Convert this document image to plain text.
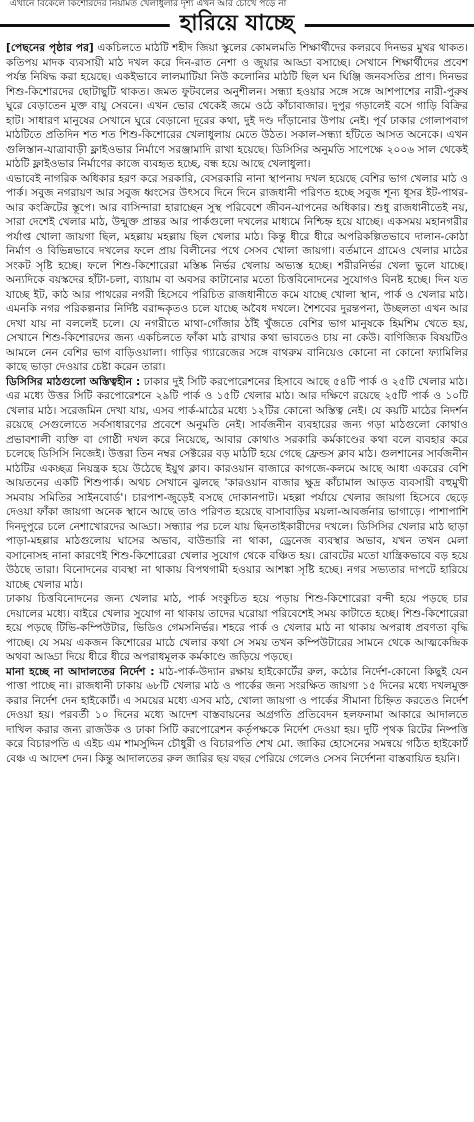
এখানে বিকেলে কিশোরদের নিয়মিত খেলাধুলার দৃশ্য এখন আর চোখে পড়ে না
হারিয়ে যাচ্ছে

[পেছনের পৃষ্ঠার পর] একচিলতে মাঠটি শহীদ জিয়া স্কুলের কোমলমতি শিক্ষার্থীদের কলরবে দিনভর মুখর থাকত। কতিপয় মাদক ব্যবসায়ী মাঠ দখল করে দিন-রাত নেশা ও জুয়ার আড্ডা বসাচ্ছে। সেখানে শিক্ষার্থীদের প্রবেশ পর্যন্ত নিষিদ্ধ করা হয়েছে। একইভাবে লালমাটিয়া নিউ কলোনির মাঠটি ছিল ঘন ঘিঞ্জি জনবসতির প্রাণ। দিনভর শিশু-কিশোরদের ছোটাছুটি থাকত। জমত ফুটবলের অনুশীলন। সন্ধ্যা হওয়ার সঙ্গে সঙ্গে আশপাশের নারী-পুরুষ ঘুরে বেড়াতেন মুক্ত বায়ু সেবনে। এখন ভোর থেকেই জমে ওঠে কাঁচাবাজার। দুপুর গড়ালেই বসে গাড়ি বিক্রির হাট। সাধারণ মানুষের সেখানে ঘুরে বেড়ানো দূরের কথা, দুই দণ্ড দাঁড়ানোর উপায় নেই। পূর্ব ঢাকার গোলাপবাগ মাঠটিতে প্রতিদিন শত শত শিশু-কিশোরের খেলাধুলায় মেতে উঠত। সকাল-সন্ধ্যা হাঁটতে আসত অনেকে। এখন গুলিস্তান-যাত্রাবাড়ী ফ্লাইওভার নির্মাণে সরঞ্জামাদি রাখা হয়েছে। ডিসিসির অনুমতি সাপেক্ষে ২০০৬ সাল থেকেই মাঠটি ফ্লাইওভার নির্মাণের কাজে ব্যবহৃত হচ্ছে, বন্ধ হয়ে আছে খেলাধুলা।

এভাবেই নাগরিক অধিকার হরণ করে সরকারি, বেসরকারি নানা স্থাপনায় দখল হয়েছে বেশির ভাগ খেলার মাঠ ও পার্ক। সবুজ নগরায়ণ আর সবুজ ধ্বংসের উৎসবে দিনে দিনে রাজধানী পরিণত হচ্ছে সবুজ শূন্য ধূসর ইট-পাথর-আর কংক্রিটের স্তূপে। আর বাসিন্দারা হারাচ্ছেন সুস্থ পরিবেশে জীবন-যাপনের অধিকার। শুধু রাজধানীতেই নয়, সারা দেশেই খেলার মাঠ, উন্মুক্ত প্রান্তর আর পার্কগুলো দখলের মাধ্যমে নিশ্চিহ্ন হয়ে যাচ্ছে। একসময় মহানগরীর পর্যাপ্ত খোলা জায়গা ছিল, মহল্লায় মহল্লায় ছিল খেলার মাঠ। কিন্তু ধীরে ধীরে অপরিকল্পিতভাবে দালান-কোঠা নির্মাণ ও বিভিন্নভাবে দখলের ফলে প্রায় বিলীনের পথে সেসব খোলা জায়গা। বর্তমানে গ্রামেও খেলার মাঠের সংকট সৃষ্টি হচ্ছে। ফলে শিশু-কিশোরেরা মস্তিষ্ক নির্ভর খেলায় অভ্যস্ত হচ্ছে। শরীরনির্ভর খেলা ভুলে যাচ্ছে। অন্যদিকে বয়স্কদের হাঁটা-চলা, ব্যায়াম বা অবসর কাটানোর মতো চিত্তবিনোদনের সুযোগও বিনষ্ট হচ্ছে। দিন যত যাচ্ছে ইট, কাঠ আর পাথরের নগরী হিসেবে পরিচিত রাজধানীতে কমে যাচ্ছে খোলা স্থান, পার্ক ও খেলার মাঠ। এমনকি নগর পরিকল্পনার নির্দিষ্ট বরাদ্দকৃতও চলে যাচ্ছে অবৈধ দখলে। শৈশবের দুরন্তপনা, উচ্ছলতা এখন আর দেখা যায় না বললেই চলে। যে নগরীতে মাথা-গোঁজার ঠাঁই খুঁজতে বেশির ভাগ মানুষকে হিমশিম খেতে হয়, সেখানে শিশু-কিশোরদের জন্য একচিলতে ফাঁকা মাঠ রাখার কথা ভাবতেও চায় না কেউ। বাণিজ্যিক বিষয়টিও আমলে নেন বেশির ভাগ বাড়িওয়ালা। গাড়ির গ্যারেজের সঙ্গে বাথরুম বানিয়েও কোনো না কোনো ফ্যামিলির কাছে ভাড়া দেওয়ার চেষ্টা করেন তারা।

ডিসিসির মাঠগুলো অস্তিত্বহীন : ঢাকার দুই সিটি করপোরেশনের হিসাবে আছে ৫৪টি পার্ক ও ২৫টি খেলার মাঠ। এর মধ্যে উত্তর সিটি করপোরেশনে ২৯টি পার্ক ও ১৫টি খেলার মাঠ। আর দক্ষিণে রয়েছে ২৫টি পার্ক ও ১০টি খেলার মাঠ। সরেজমিন দেখা যায়, এসব পার্ক-মাঠের মধ্যে ১২টির কোনো অস্তিত্ব নেই। যে কয়টি মাঠের নিদর্শন রয়েছে সেগুলোতে সর্বসাধারণের প্রবেশে অনুমতি নেই। সার্বজনীন ব্যবহারের জন্য গড়া মাঠগুলো কোথাও প্রভাবশালী ব্যক্তি বা গোষ্ঠী দখল করে নিয়েছে, আবার কোথাও সরকারি কর্মকাণ্ডের কথা বলে ব্যবহার করে চলেছে ডিসিসি নিজেই। উত্তরা তিন নম্বর সেক্টরের বড় মাঠটি হয়ে গেছে ফ্রেন্ডস ক্লাব মাঠ। গুলশানের সার্বজনীন মাঠটির একচ্ছত্র নিয়ন্ত্রক হয়ে উঠেছে ইয়ুথ ক্লাব। কারওয়ান বাজারে কাগজে-কলমে আছে আধা একরের বেশি আয়তনের একটি শিশুপার্ক। অথচ সেখানে ঝুলছে 'কারওয়ান বাজার ক্ষুদ্র কাঁচামাল আড়ত ব্যবসায়ী বহুমুখী সমবায় সমিতির সাইনবোর্ড'। চারপাশ-জুড়েই বসছে দোকানপাট। মহল্লা পর্যায়ে খেলার জায়গা হিসেবে ছেড়ে দেওয়া ফাঁকা জায়গা অনেক স্থানে আছে তাও পরিণত হয়েছে বাসাবাড়ির ময়লা-আবর্জনার ভাগাড়ে। পাশাপাশি দিনদুপুরে চলে নেশাখোরদের আড্ডা। সন্ধ্যার পর চলে যায় ছিনতাইকারীদের দখলে। ডিসিসির খেলার মাঠ ছাড়া পাড়া-মহল্লার মাঠগুলোয় ঘাসের অভাব, বাউন্ডারি না থাকা, ড্রেনেজ ব্যবস্থার অভাব, যখন তখন মেলা বসানোসহ নানা কারণেই শিশু-কিশোরেরা খেলার সুযোগ থেকে বঞ্চিত হয়। রোবটের মতো যান্ত্রিকভাবে বড় হয়ে উঠছে তারা। বিনোদনের ব্যবস্থা না থাকায় বিপথগামী হওয়ার আশঙ্কা সৃষ্টি হচ্ছে। নগর সভ্যতার দাপটে হারিয়ে যাচ্ছে খেলার মাঠ।

ঢাকায় চিত্তবিনোদনের জন্য খেলার মাঠ, পার্ক সংকুচিত হয়ে পড়ায় শিশু-কিশোরেরা বন্দী হয়ে পড়ছে চার দেয়ালের মধ্যে। বাইরে খেলার সুযোগ না থাকায় তাদের ঘরোয়া পরিবেশেই সময় কাটাতে হচ্ছে। শিশু-কিশোরেরা হয়ে পড়ছে টিভি-কম্পিউটার, ভিডিও গেমসনির্ভর। শহরে পার্ক ও খেলার মাঠ না থাকায় অপরাধ প্রবণতা বৃদ্ধি পাচ্ছে। যে সময় একজন কিশোরের মাঠে খেলার কথা সে সময় তখন কম্পিউটারের সামনে থেকে আত্মকেন্দ্রিক অথবা আড্ডা দিয়ে ধীরে ধীরে অপরাধমূলক কর্মকাণ্ডে জড়িয়ে পড়ছে।

মানা হচ্ছে না আদালতের নির্দেশ : মাঠ-পার্ক-উদ্যান রক্ষায় হাইকোর্টের রুল, কঠোর নির্দেশ-কোনো কিছুই যেন পাত্তা পাচ্ছে না। রাজধানী ঢাকায় ৬৮টি খেলার মাঠ ও পার্কের জন্য সংরক্ষিত জায়গা ১৫ দিনের মধ্যে দখলমুক্ত করার নির্দেশ দেন হাইকোর্ট। এ সময়ের মধ্যে এসব মাঠ, খোলা জায়গা ও পার্কের সীমানা চিহ্নিত করতেও নির্দেশ দেওয়া হয়। পরবর্তী ১০ দিনের মধ্যে আদেশ বাস্তবায়নের অগ্রগতি প্রতিবেদন হলফনামা আকারে আদালতে দাখিল করার জন্য রাজউক ও ঢাকা সিটি করপোরেশন কর্তৃপক্ষকে নির্দেশ দেওয়া হয়। দুটি পৃথক রিটের নিষ্পত্তি করে বিচারপতি এ এইচ এম শামসুদ্দিন চৌধুরী ও বিচারপতি শেখ মো. জাকির হোসেনের সমন্বয়ে গঠিত হাইকোর্ট বেঞ্চ এ আদেশ দেন। কিন্তু আদালতের রুল জারির ছয় বছর পেরিয়ে গেলেও সেসব নির্দেশনা বাস্তবায়িত হয়নি।
